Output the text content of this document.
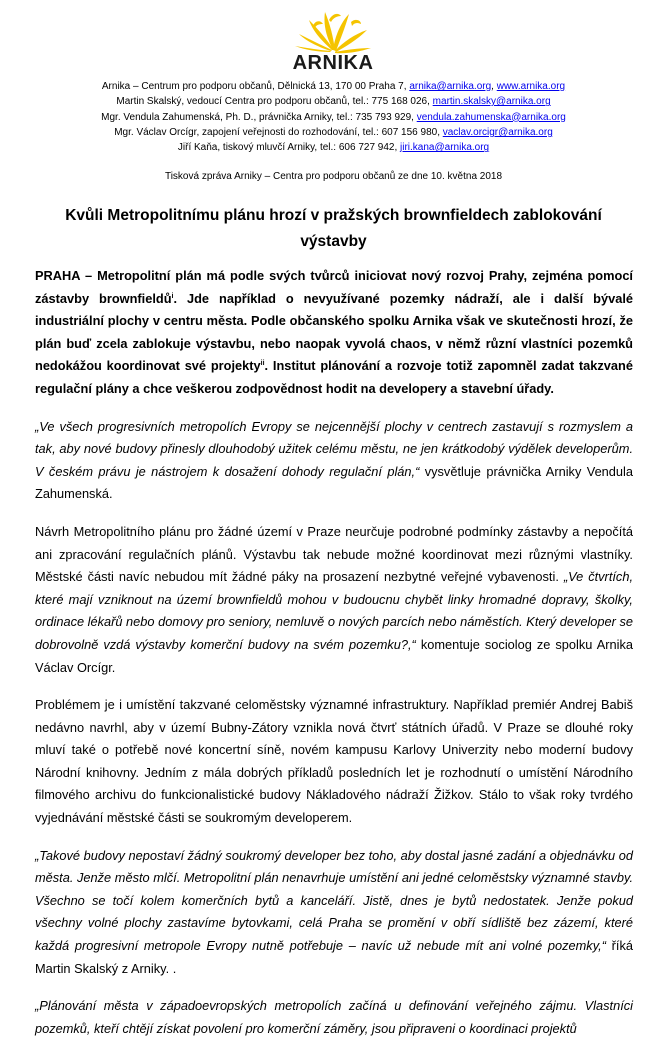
ARNIKA
Arnika – Centrum pro podporu občanů, Dělnická 13, 170 00 Praha 7, arnika@arnika.org, www.arnika.org
Martin Skalský, vedoucí Centra pro podporu občanů, tel.: 775 168 026, martin.skalsky@arnika.org
Mgr. Vendula Zahumenská, Ph. D., právnička Arniky, tel.: 735 793 929, vendula.zahumenska@arnika.org
Mgr. Václav Orcígr, zapojení veřejnosti do rozhodování, tel.: 607 156 980, vaclav.orcigr@arnika.org
Jiří Kaňa, tiskový mluvčí Arniky, tel.: 606 727 942, jiri.kana@arnika.org
Tisková zpráva Arniky – Centra pro podporu občanů ze dne 10. května 2018
Kvůli Metropolitnímu plánu hrozí v pražských brownfieldech zablokování výstavby

PRAHA – Metropolitní plán má podle svých tvůrců iniciovat nový rozvoj Prahy, zejména pomocí zástavby brownfieldů$^i$. Jde například o nevyužívané pozemky nádraží, ale i další bývalé industriální plochy v centru města. Podle občanského spolku Arnika však ve skutečnosti hrozí, že plán buď zcela zablokuje výstavbu, nebo naopak vyvolá chaos, v němž různí vlastníci pozemků nedokážou koordinovat své projekty$^{ii}$. Institut plánování a rozvoje totiž zapomněl zadat takzvané regulační plány a chce veškerou zodpovědnost hodit na developery a stavební úřady.

„Ve všech progresivních metropolích Evropy se nejcennější plochy v centrech zastavují s rozmyslem a tak, aby nové budovy přinesly dlouhodobý užitek celému městu, ne jen krátkodobý výdělek developerům. V českém právu je nástrojem k dosažení dohody regulační plán,“ vysvětluje právnička Arniky Vendula Zahumenská.

Návrh Metropolitního plánu pro žádné území v Praze neurčuje podrobné podmínky zástavby a nepočítá ani zpracování regulačních plánů. Výstavbu tak nebude možné koordinovat mezi různými vlastníky. Městské části navíc nebudou mít žádné páky na prosazení nezbytné veřejné vybavenosti. „Ve čtvrtích, které mají vzniknout na území brownfieldů mohou v budoucnu chybět linky hromadné dopravy, školky, ordinace lékařů nebo domovy pro seniory, nemluvě o nových parcích nebo náměstích. Který developer se dobrovolně vzdá výstavby komerční budovy na svém pozemku?,“ komentuje sociolog ze spolku Arnika Václav Orcígr.

Problémem je i umístění takzvané celoměstsky významné infrastruktury. Například premiér Andrej Babiš nedávno navrhl, aby v území Bubny-Zátory vznikla nová čtvrť státních úřadů. V Praze se dlouhé roky mluví také o potřebě nové koncertní síně, novém kampusu Karlovy Univerzity nebo moderní budovy Národní knihovny. Jedním z mála dobrých příkladů posledních let je rozhodnutí o umístění Národního filmového archivu do funkcionalistické budovy Nákladového nádraží Žižkov. Stálo to však roky tvrdého vyjednávání městské části se soukromým developerem.

„Takové budovy nepostaví žádný soukromý developer bez toho, aby dostal jasné zadání a objednávku od města. Jenže město mlčí. Metropolitní plán nenavrhuje umístění ani jedné celoměstsky významné stavby. Všechno se točí kolem komerčních bytů a kanceláří. Jistě, dnes je bytů nedostatek. Jenže pokud všechny volné plochy zastavíme bytovkami, celá Praha se promění v obří sídliště bez zázemí, které každá progresivní metropole Evropy nutně potřebuje – navíc už nebude mít ani volné pozemky,“ říká Martin Skalský z Arniky. .

„Plánování města v západoevropských metropolích začíná u definování veřejného zájmu. Vlastníci pozemků, kteří chtějí získat povolení pro komerční záměry, jsou připraveni o koordinaci projektů
